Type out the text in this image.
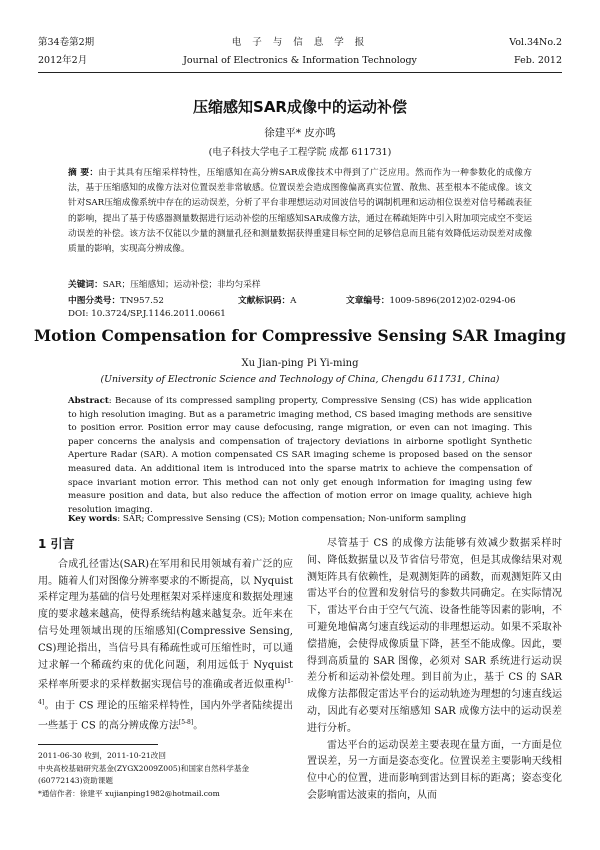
第34卷第2期
2012年2月
电 子 与 信 息 学 报
Journal of Electronics & Information Technology
Vol.34No.2
Feb. 2012
压缩感知SAR成像中的运动补偿
徐建平* 皮亦鸣
(电子科技大学电子工程学院 成都 611731)
摘 要：由于其具有压缩采样特性，压缩感知在高分辨SAR成像技术中得到了广泛应用。然而作为一种参数化的成像方法，基于压缩感知的成像方法对位置误差非常敏感。位置误差会造成图像偏离真实位置、散焦、甚至根本不能成像。该文针对SAR压缩成像系统中存在的运动误差，分析了平台非理想运动对回波信号的调制机理和运动相位误差对信号稀疏表征的影响，提出了基于传感器测量数据进行运动补偿的压缩感知SAR成像方法，通过在稀疏矩阵中引入附加项完成空不变运动误差的补偿。该方法不仅能以少量的测量孔径和测量数据获得重建目标空间的足够信息而且能有效降低运动误差对成像质量的影响，实现高分辨成像。
关键词：SAR；压缩感知；运动补偿；非均匀采样
中图分类号：TN957.52	文献标识码：A	文章编号：1009-5896(2012)02-0294-06
DOI: 10.3724/SP.J.1146.2011.00661
Motion Compensation for Compressive Sensing SAR Imaging
Xu Jian-ping Pi Yi-ming
(University of Electronic Science and Technology of China, Chengdu 611731, China)
Abstract: Because of its compressed sampling property, Compressive Sensing (CS) has wide application to high resolution imaging. But as a parametric imaging method, CS based imaging methods are sensitive to position error. Position error may cause defocusing, range migration, or even can not imaging. This paper concerns the analysis and compensation of trajectory deviations in airborne spotlight Synthetic Aperture Radar (SAR). A motion compensated CS SAR imaging scheme is proposed based on the sensor measured data. An additional item is introduced into the sparse matrix to achieve the compensation of space invariant motion error. This method can not only get enough information for imaging using few measure position and data, but also reduce the affection of motion error on image quality, achieve high resolution imaging.
Key words: SAR; Compressive Sensing (CS); Motion compensation; Non-uniform sampling
1 引言

合成孔径雷达(SAR)在军用和民用领域有着广泛的应用。随着人们对图像分辨率要求的不断提高，以 Nyquist 采样定理为基础的信号处理框架对采样速度和数据处理速度的要求越来越高，使得系统结构越来越复杂。近年来在信号处理领域出现的压缩感知(Compressive Sensing, CS)理论指出，当信号具有稀疏性或可压缩性时，可以通过求解一个稀疏约束的优化问题，利用远低于 Nyquist 采样率所要求的采样数据实现信号的准确或者近似重构[1-4]。由于 CS 理论的压缩采样特性，国内外学者陆续提出一些基于 CS 的高分辨成像方法[5-8]。

尽管基于 CS 的成像方法能够有效减少数据采样时间、降低数据量以及节省信号带宽，但是其成像结果对观测矩阵具有依赖性，是观测矩阵的函数，而观测矩阵又由雷达平台的位置和发射信号的参数共同确定。在实际情况下，雷达平台由于空气气流、设备性能等因素的影响，不可避免地偏离匀速直线运动的非理想运动。如果不采取补偿措施，会使得成像质量下降，甚至不能成像。因此，要得到高质量的 SAR 图像，必须对 SAR 系统进行运动误差分析和运动补偿处理。到目前为止，基于 CS 的 SAR 成像方法都假定雷达平台的运动轨迹为理想的匀速直线运动，因此有必要对压缩感知 SAR 成像方法中的运动误差进行分析。

雷达平台的运动误差主要表现在量方面，一方面是位置误差，另一方面是姿态变化。位置误差主要影响天线相位中心的位置，进而影响到雷达到目标的距离；姿态变化会影响雷达波束的指向，从而

2011-06-30 收到，2011-10-21改回
中央高校基础研究基金(ZYGX2009Z005)和国家自然科学基金(60772143)资助课题
*通信作者：徐建平 xujianping1982@hotmail.com
